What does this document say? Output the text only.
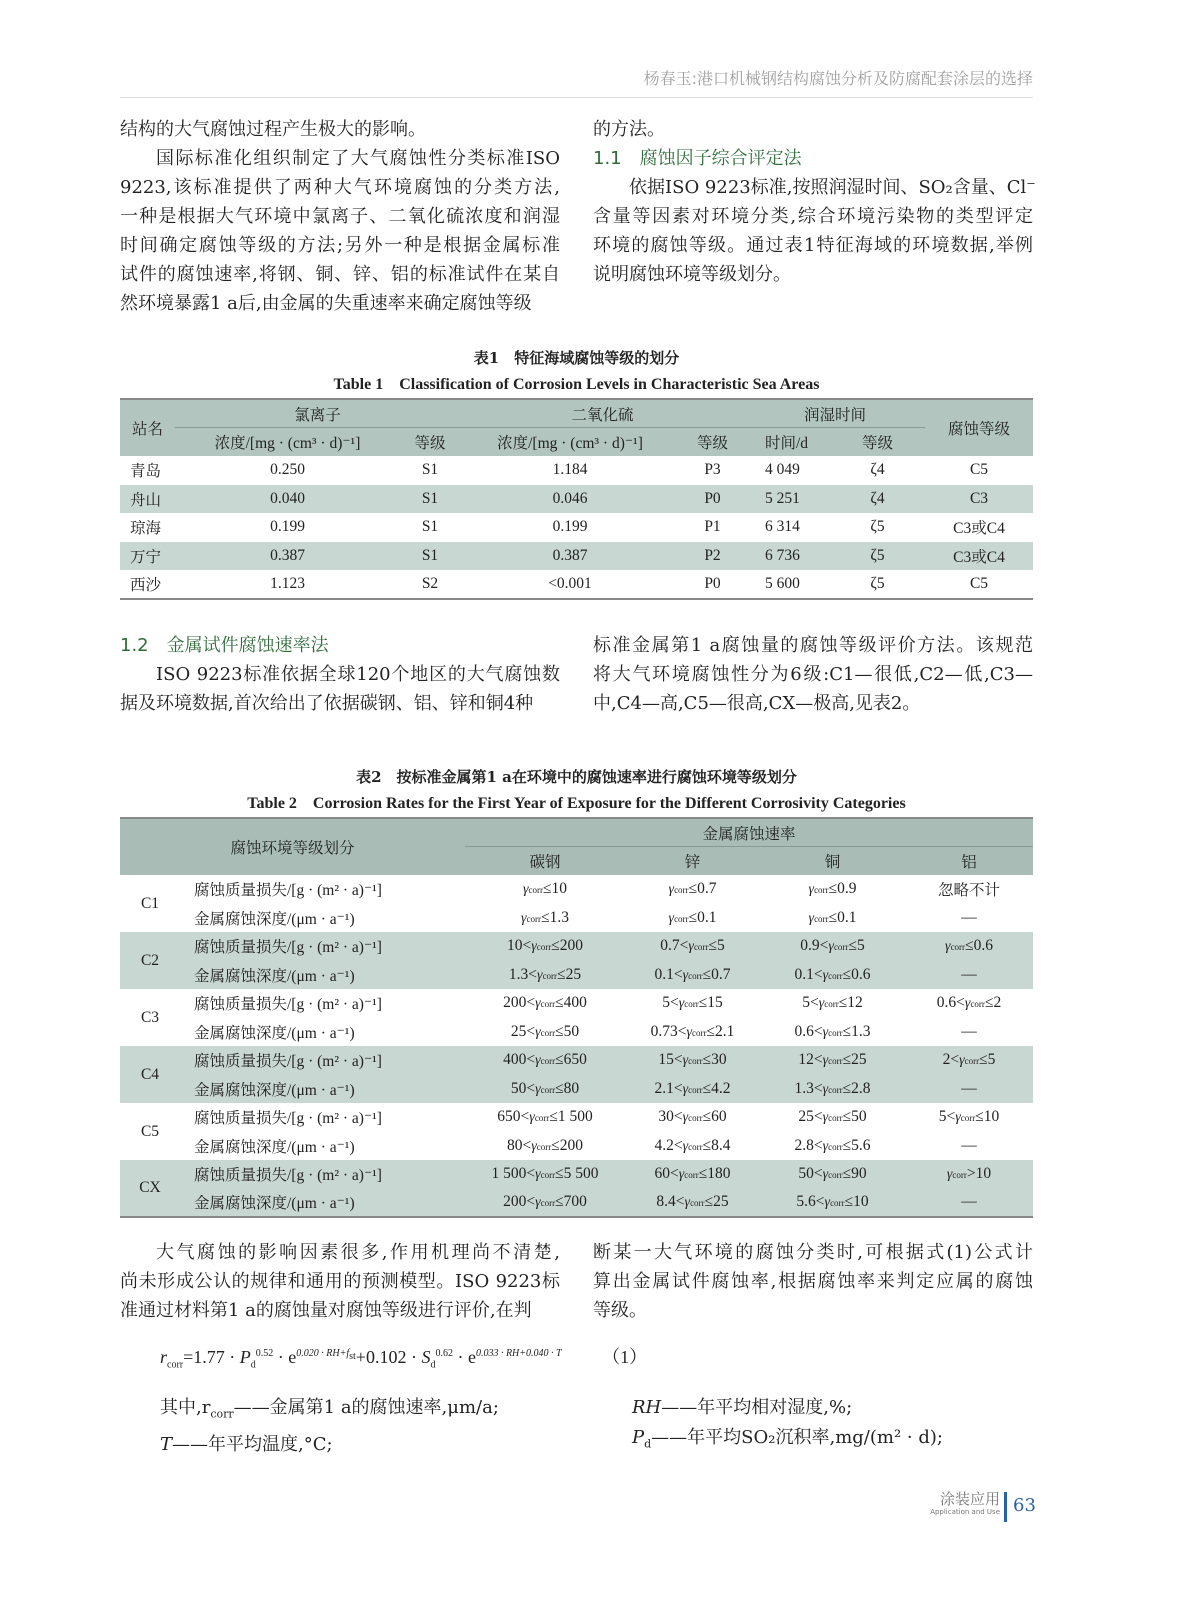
杨春玉:港口机械钢结构腐蚀分析及防腐配套涂层的选择
结构的大气腐蚀过程产生极大的影响。
国际标准化组织制定了大气腐蚀性分类标准ISO
9223,该标准提供了两种大气环境腐蚀的分类方法,
一种是根据大气环境中氯离子、二氧化硫浓度和润湿
时间确定腐蚀等级的方法;另外一种是根据金属标准
试件的腐蚀速率,将钢、铜、锌、铝的标准试件在某自
然环境暴露1 a后,由金属的失重速率来确定腐蚀等级
的方法。
1.1　腐蚀因子综合评定法
依据ISO 9223标准,按照润湿时间、SO₂含量、Cl⁻
含量等因素对环境分类,综合环境污染物的类型评定
环境的腐蚀等级。通过表1特征海域的环境数据,举例
说明腐蚀环境等级划分。
表1　特征海域腐蚀等级的划分
Table 1　Classification of Corrosion Levels in Characteristic Sea Areas
站名	氯离子		二氧化硫		润湿时间		腐蚀等级
	浓度/[mg · (cm³ · d)⁻¹]	等级	浓度/[mg · (cm³ · d)⁻¹]	等级	时间/d	等级	
青岛	0.250	S1	1.184	P3	4 049	ζ4	C5
舟山	0.040	S1	0.046	P0	5 251	ζ4	C3
琼海	0.199	S1	0.199	P1	6 314	ζ5	C3或C4
万宁	0.387	S1	0.387	P2	6 736	ζ5	C3或C4
西沙	1.123	S2	<0.001	P0	5 600	ζ5	C5
1.2　金属试件腐蚀速率法
ISO 9223标准依据全球120个地区的大气腐蚀数
据及环境数据,首次给出了依据碳钢、铝、锌和铜4种
标准金属第1 a腐蚀量的腐蚀等级评价方法。该规范
将大气环境腐蚀性分为6级:C1—很低,C2—低,C3—
中,C4—高,C5—很高,CX—极高,见表2。
表2　按标准金属第1 a在环境中的腐蚀速率进行腐蚀环境等级划分
Table 2　Corrosion Rates for the First Year of Exposure for the Different Corrosivity Categories
腐蚀环境等级划分		金属腐蚀速率			
		碳钢	锌	铜	铝
C1	腐蚀质量损失/[g · (m² · a)⁻¹]	γcorr≤10	γcorr≤0.7	γcorr≤0.9	忽略不计
	金属腐蚀深度/(μm · a⁻¹)	γcorr≤1.3	γcorr≤0.1	γcorr≤0.1	—
C2	腐蚀质量损失/[g · (m² · a)⁻¹]	10<γcorr≤200	0.7<γcorr≤5	0.9<γcorr≤5	γcorr≤0.6
	金属腐蚀深度/(μm · a⁻¹)	1.3<γcorr≤25	0.1<γcorr≤0.7	0.1<γcorr≤0.6	—
C3	腐蚀质量损失/[g · (m² · a)⁻¹]	200<γcorr≤400	5<γcorr≤15	5<γcorr≤12	0.6<γcorr≤2
	金属腐蚀深度/(μm · a⁻¹)	25<γcorr≤50	0.73<γcorr≤2.1	0.6<γcorr≤1.3	—
C4	腐蚀质量损失/[g · (m² · a)⁻¹]	400<γcorr≤650	15<γcorr≤30	12<γcorr≤25	2<γcorr≤5
	金属腐蚀深度/(μm · a⁻¹)	50<γcorr≤80	2.1<γcorr≤4.2	1.3<γcorr≤2.8	—
C5	腐蚀质量损失/[g · (m² · a)⁻¹]	650<γcorr≤1 500	30<γcorr≤60	25<γcorr≤50	5<γcorr≤10
	金属腐蚀深度/(μm · a⁻¹)	80<γcorr≤200	4.2<γcorr≤8.4	2.8<γcorr≤5.6	—
CX	腐蚀质量损失/[g · (m² · a)⁻¹]	1 500<γcorr≤5 500	60<γcorr≤180	50<γcorr≤90	γcorr>10
	金属腐蚀深度/(μm · a⁻¹)	200<γcorr≤700	8.4<γcorr≤25	5.6<γcorr≤10	—
大气腐蚀的影响因素很多,作用机理尚不清楚,
尚未形成公认的规律和通用的预测模型。ISO 9223标
准通过材料第1 a的腐蚀量对腐蚀等级进行评价,在判
断某一大气环境的腐蚀分类时,可根据式(1)公式计
算出金属试件腐蚀率,根据腐蚀率来判定应属的腐蚀
等级。
$r_{corr}=1.77 \cdot P_d^{0.52} \cdot e^{0.020 \cdot RH+f_{st}}+0.102 \cdot S_d^{0.62} \cdot e^{0.033 \cdot RH+0.040 \cdot T}$ （1）
其中$,r_{corr}——$金属第1 a的腐蚀速率,μm/a;
T——年平均温度,°C;
RH——年平均相对湿度,%;
$P_d——$年平均SO₂沉积率,mg/(m² · d);
涂装应用
Application and Use 63
